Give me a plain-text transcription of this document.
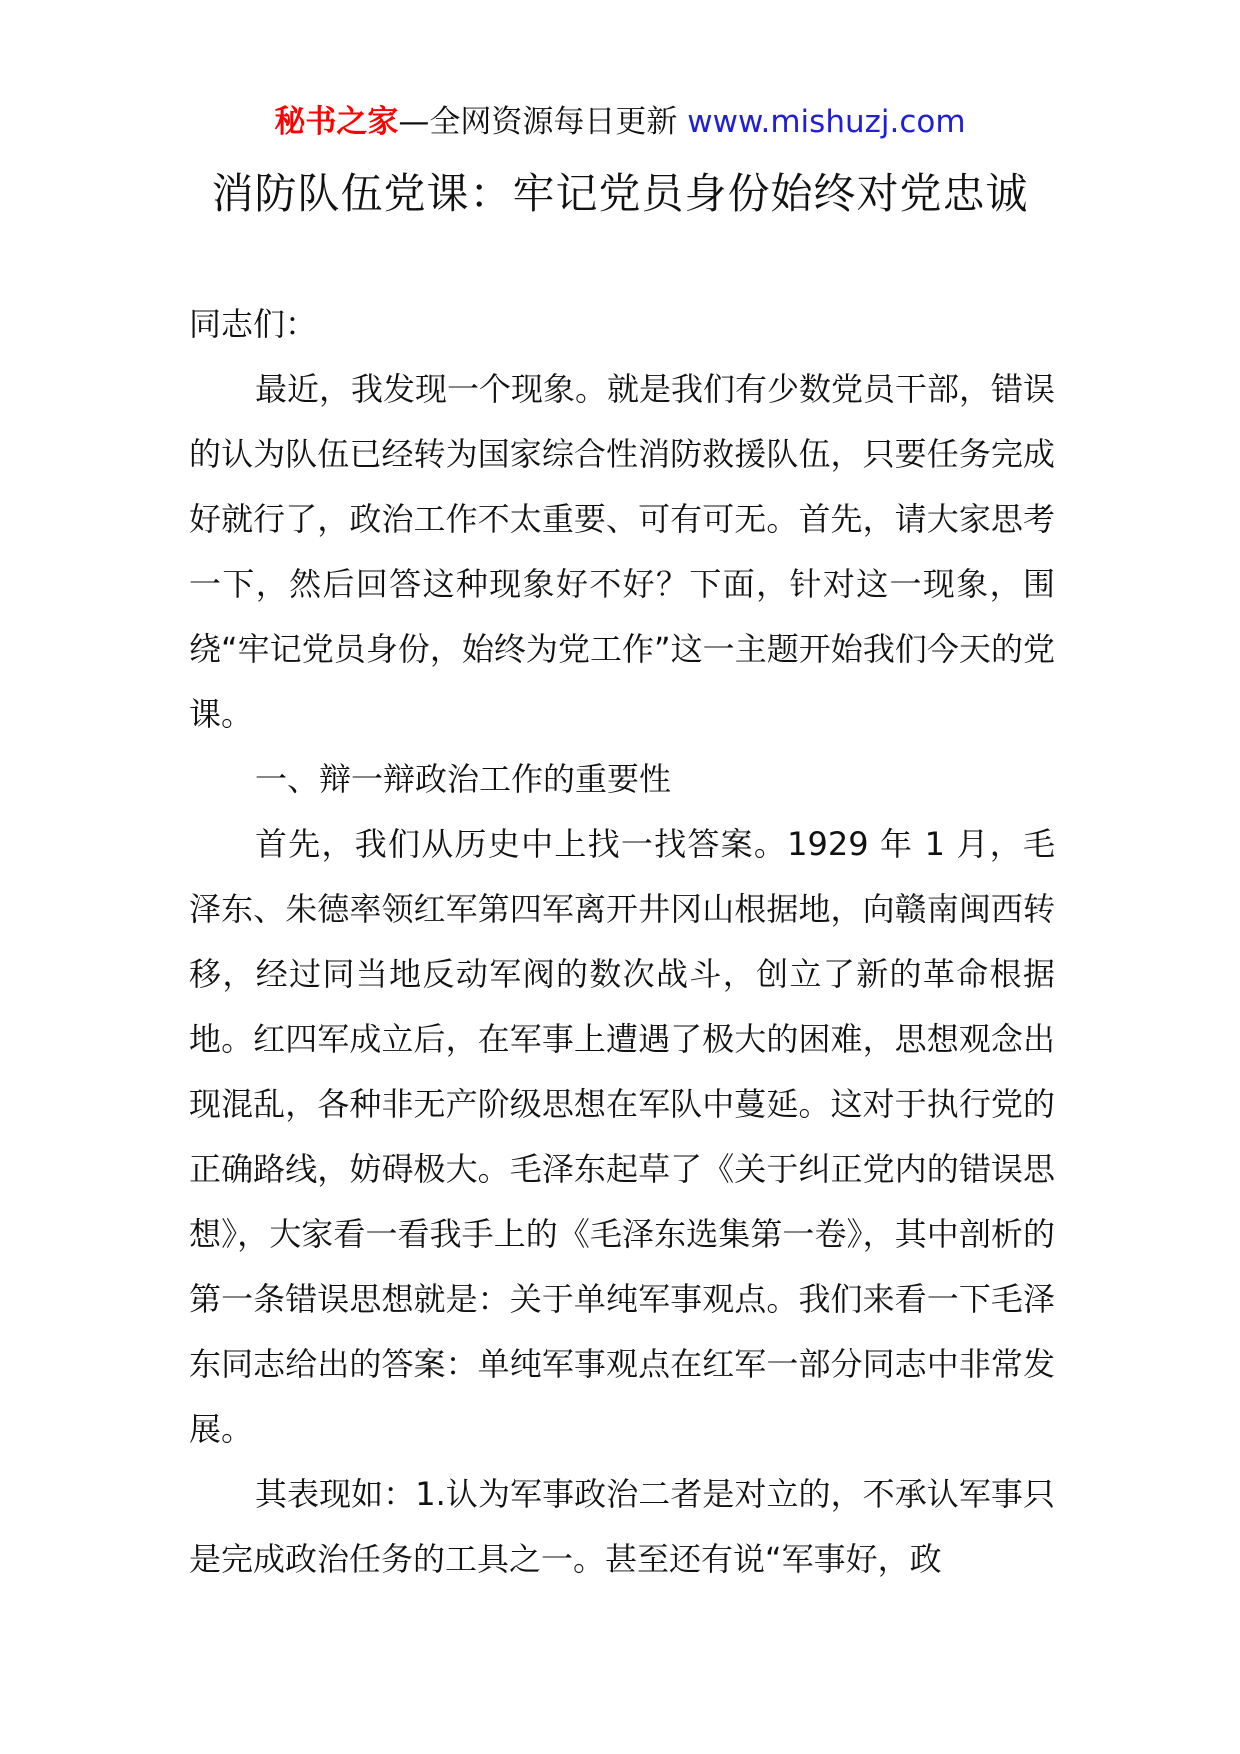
秘书之家—全网资源每日更新 www.mishuzj.com
消防队伍党课：牢记党员身份始终对党忠诚

同志们：

最近，我发现一个现象。就是我们有少数党员干部，错误的认为队伍已经转为国家综合性消防救援队伍，只要任务完成好就行了，政治工作不太重要、可有可无。首先，请大家思考一下，然后回答这种现象好不好？下面，针对这一现象，围绕“牢记党员身份，始终为党工作”这一主题开始我们今天的党课。

一、辩一辩政治工作的重要性

首先，我们从历史中上找一找答案。1929 年 1 月，毛泽东、朱德率领红军第四军离开井冈山根据地，向赣南闽西转移，经过同当地反动军阀的数次战斗，创立了新的革命根据地。红四军成立后，在军事上遭遇了极大的困难，思想观念出现混乱，各种非无产阶级思想在军队中蔓延。这对于执行党的正确路线，妨碍极大。毛泽东起草了《关于纠正党内的错误思想》，大家看一看我手上的《毛泽东选集第一卷》，其中剖析的第一条错误思想就是：关于单纯军事观点。我们来看一下毛泽东同志给出的答案：单纯军事观点在红军一部分同志中非常发展。

其表现如：1.认为军事政治二者是对立的，不承认军事只是完成政治任务的工具之一。甚至还有说“军事好，政
